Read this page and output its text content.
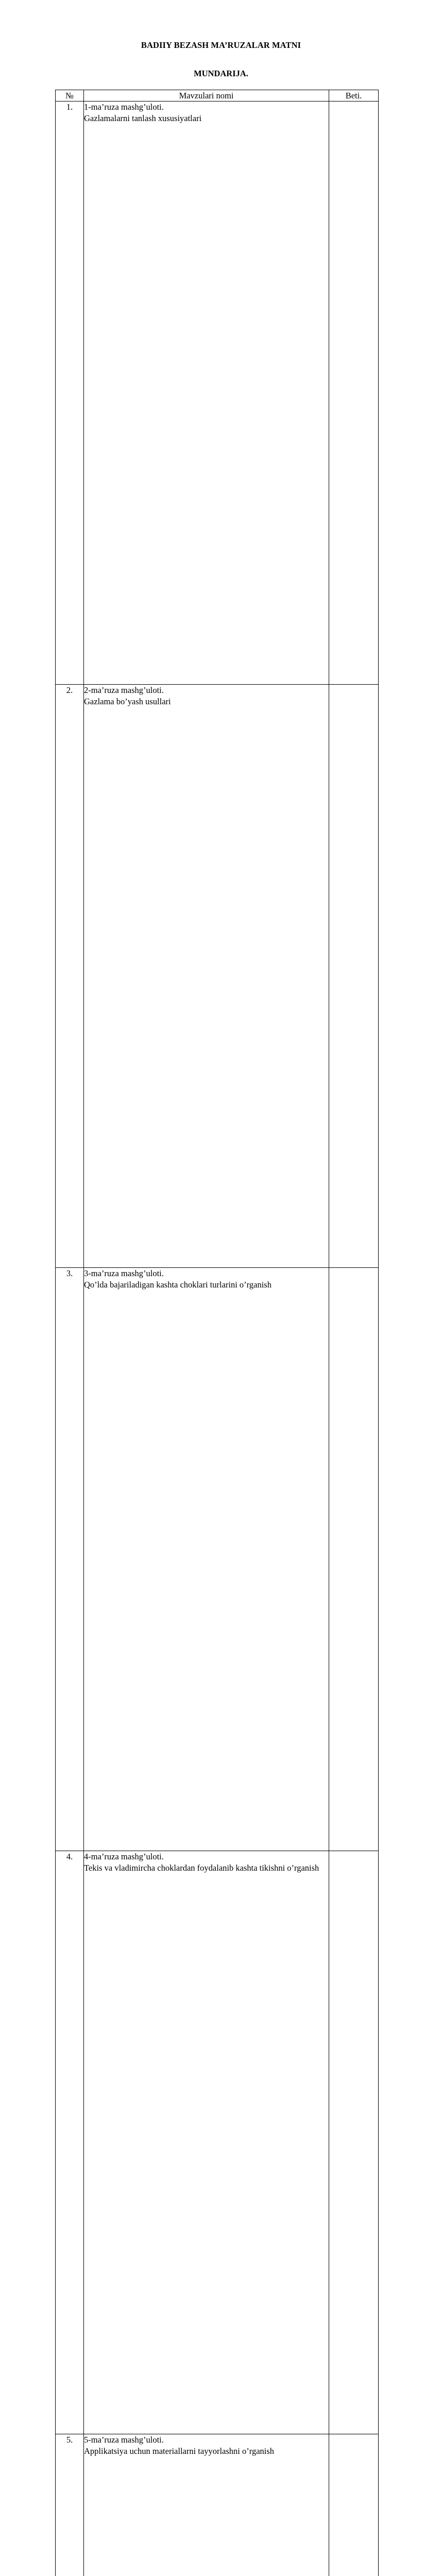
BADIIY BEZASH MA’RUZALAR MATNI
MUNDARIJA.
№	Mavzulari nomi	Beti.
1.	1-ma’ruza mashg’uloti.
Gazlamalarni tanlash xususiyatlari	

2.	2-ma’ruza mashg’uloti.
Gazlama bo’yash usullari	

3.	3-ma’ruza mashg’uloti.
Qo’lda bajariladigan kashta choklari turlarini o’rganish	

4.	4-ma’ruza mashg’uloti.
Tekis va vladimircha choklardan foydalanib kashta tikishni o’rganish	

5.	5-ma’ruza mashg’uloti.
Applikatsiya uchun materiallarni tayyorlashni o’rganish	
